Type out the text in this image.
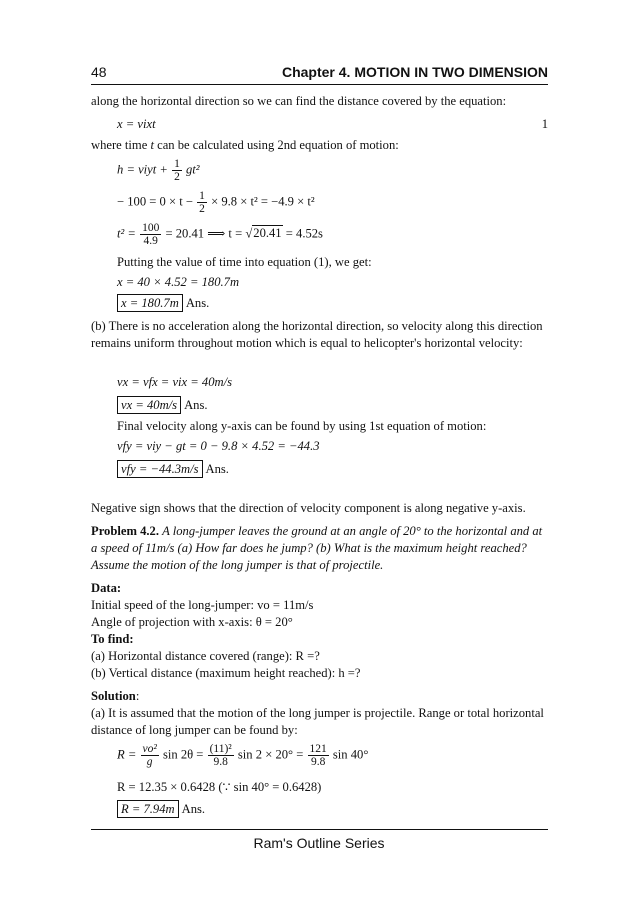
48	Chapter 4. MOTION IN TWO DIMENSION

along the horizontal direction so we can find the distance covered by the equation:

x = vixt	1

where time t can be calculated using 2nd equation of motion:

h = viyt + $\frac{1}{2} gt^2$
− $100 = 0 \times t - \frac{1}{2} \times 9.8 \times t^2 = -4.9 \times t^2$
$t^2 = \frac{100}{4.9} = 20.41$ ⟹ t = √20.41 = 4.52s

Putting the value of time into equation (1), we get:

x = 40 × 4.52 = 180.7m

x = 180.7m Ans.

(b) There is no acceleration along the horizontal direction, so velocity along this direction remains uniform throughout motion which is equal to helicopter's horizontal velocity:

vx = vfx = vix = 40m/s

vx = 40m/s Ans.

Final velocity along y-axis can be found by using 1st equation of motion:

vfy = viy − gt = 0 − 9.8 × 4.52 = −44.3

vfy = −44.3m/s Ans.

Negative sign shows that the direction of velocity component is along negative y-axis.

Problem 4.2. A long-jumper leaves the ground at an angle of 20° to the horizontal and at a speed of 11m/s (a) How far does he jump? (b) What is the maximum height reached? Assume the motion of the long jumper is that of projectile.

Data:

Initial speed of the long-jumper: vo = 11m/s

Angle of projection with x-axis: θ = 20°

To find:

(a) Horizontal distance covered (range): R =?

(b) Vertical distance (maximum height reached): h =?

Solution:

(a) It is assumed that the motion of the long jumper is projectile. Range or total horizontal distance of long jumper can be found by:

$R = \frac{\text{vo²}}{g}$ $\sin 2\theta = \frac{\text{(11)²}}{9.8}$ $\sin 2 \times 20^\circ = \frac{121}{9.8}$ sin 40°

R = 12.35 × 0.6428 (∵ sin 40° = 0.6428)

R = 7.94m Ans.

Ram's Outline Series
